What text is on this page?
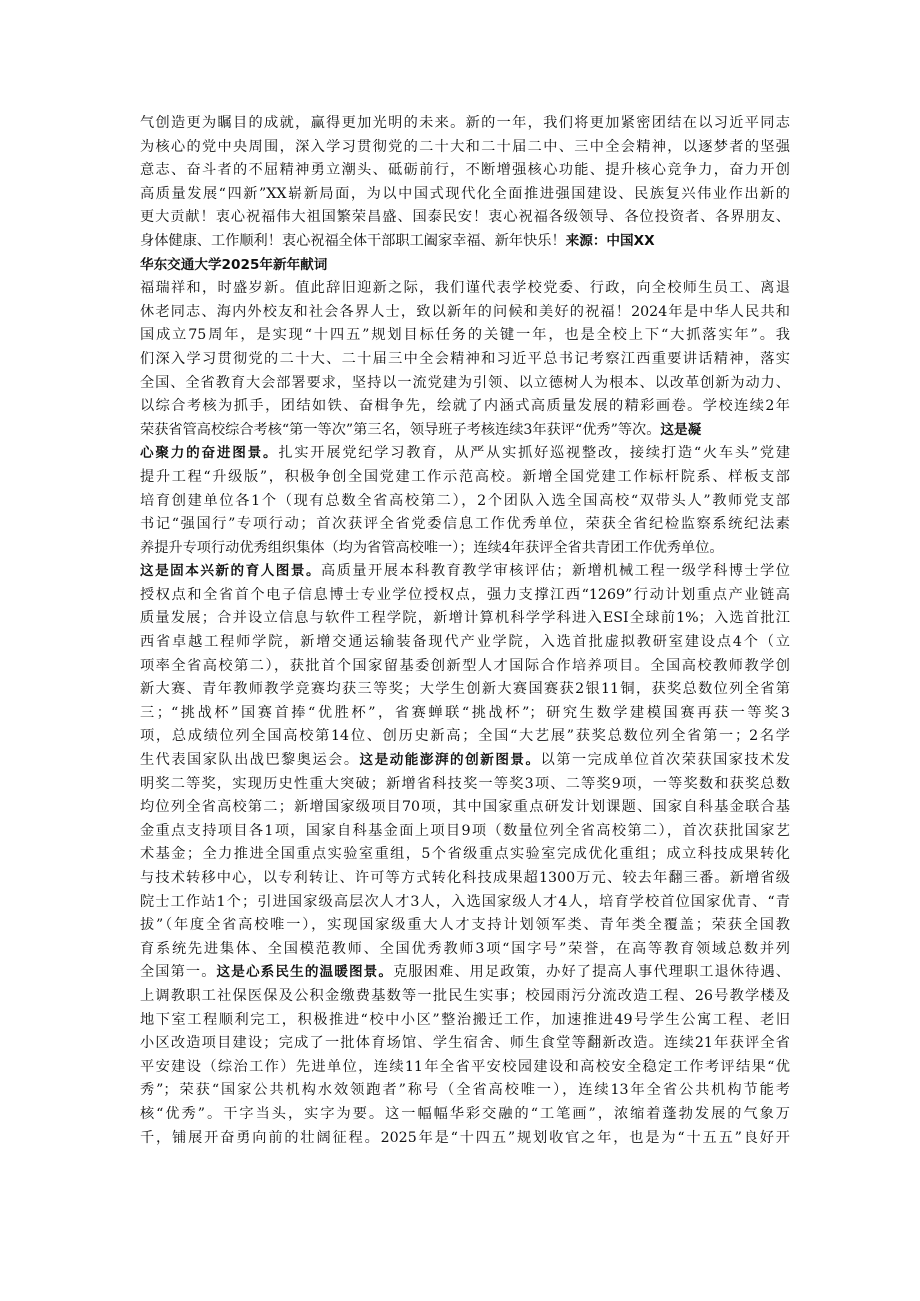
气创造更为瞩目的成就，赢得更加光明的未来。新的一年，我们将更加紧密团结在以习近平同志
为核心的党中央周围，深入学习贯彻党的二十大和二十届二中、三中全会精神，以逐梦者的坚强
意志、奋斗者的不屈精神勇立潮头、砥砺前行，不断增强核心功能、提升核心竞争力，奋力开创
高质量发展“四新”XX崭新局面，为以中国式现代化全面推进强国建设、民族复兴伟业作出新的
更大贡献！衷心祝福伟大祖国繁荣昌盛、国泰民安！衷心祝福各级领导、各位投资者、各界朋友、
身体健康、工作顺利！衷心祝福全体干部职工阖家幸福、新年快乐！来源：中国XX
华东交通大学2025年新年献词
福瑞祥和，时盛岁新。值此辞旧迎新之际，我们谨代表学校党委、行政，向全校师生员工、离退
休老同志、海内外校友和社会各界人士，致以新年的问候和美好的祝福！2024年是中华人民共和
国成立75周年，是实现“十四五”规划目标任务的关键一年，也是全校上下“大抓落实年”。我
们深入学习贯彻党的二十大、二十届三中全会精神和习近平总书记考察江西重要讲话精神，落实
全国、全省教育大会部署要求，坚持以一流党建为引领、以立德树人为根本、以改革创新为动力、
以综合考核为抓手，团结如铁、奋楫争先，绘就了内涵式高质量发展的精彩画卷。学校连续2年
荣获省管高校综合考核“第一等次”第三名，领导班子考核连续3年获评“优秀”等次。这是凝
心聚力的奋进图景。扎实开展党纪学习教育，从严从实抓好巡视整改，接续打造“火车头”党建
提升工程“升级版”，积极争创全国党建工作示范高校。新增全国党建工作标杆院系、样板支部
培育创建单位各1个（现有总数全省高校第二），2个团队入选全国高校“双带头人”教师党支部
书记“强国行”专项行动；首次获评全省党委信息工作优秀单位，荣获全省纪检监察系统纪法素
养提升专项行动优秀组织集体（均为省管高校唯一）；连续4年获评全省共青团工作优秀单位。
这是固本兴新的育人图景。高质量开展本科教育教学审核评估；新增机械工程一级学科博士学位
授权点和全省首个电子信息博士专业学位授权点，强力支撑江西“1269”行动计划重点产业链高
质量发展；合并设立信息与软件工程学院，新增计算机科学学科进入ESI全球前1%；入选首批江
西省卓越工程师学院，新增交通运输装备现代产业学院，入选首批虚拟教研室建设点4个（立
项率全省高校第二），获批首个国家留基委创新型人才国际合作培养项目。全国高校教师教学创
新大赛、青年教师教学竞赛均获三等奖；大学生创新大赛国赛获2银11铜，获奖总数位列全省第
三；“挑战杯”国赛首捧“优胜杯”，省赛蝉联“挑战杯”；研究生数学建模国赛再获一等奖3
项，总成绩位列全国高校第14位、创历史新高；全国“大艺展”获奖总数位列全省第一；2名学
生代表国家队出战巴黎奥运会。这是动能澎湃的创新图景。以第一完成单位首次荣获国家技术发
明奖二等奖，实现历史性重大突破；新增省科技奖一等奖3项、二等奖9项，一等奖数和获奖总数
均位列全省高校第二；新增国家级项目70项，其中国家重点研发计划课题、国家自科基金联合基
金重点支持项目各1项，国家自科基金面上项目9项（数量位列全省高校第二），首次获批国家艺
术基金；全力推进全国重点实验室重组，5个省级重点实验室完成优化重组；成立科技成果转化
与技术转移中心，以专利转让、许可等方式转化科技成果超1300万元、较去年翻三番。新增省级
院士工作站1个；引进国家级高层次人才3人，入选国家级人才4人，培育学校首位国家优青、“青
拔”（年度全省高校唯一），实现国家级重大人才支持计划领军类、青年类全覆盖；荣获全国教
育系统先进集体、全国模范教师、全国优秀教师3项“国字号”荣誉，在高等教育领域总数并列
全国第一。这是心系民生的温暖图景。克服困难、用足政策，办好了提高人事代理职工退休待遇、
上调教职工社保医保及公积金缴费基数等一批民生实事；校园雨污分流改造工程、26号教学楼及
地下室工程顺利完工，积极推进“校中小区”整治搬迁工作，加速推进49号学生公寓工程、老旧
小区改造项目建设；完成了一批体育场馆、学生宿舍、师生食堂等翻新改造。连续21年获评全省
平安建设（综治工作）先进单位，连续11年全省平安校园建设和高校安全稳定工作考评结果“优
秀”；荣获“国家公共机构水效领跑者”称号（全省高校唯一），连续13年全省公共机构节能考
核“优秀”。干字当头，实字为要。这一幅幅华彩交融的“工笔画”，浓缩着蓬勃发展的气象万
千，铺展开奋勇向前的壮阔征程。2025年是“十四五”规划收官之年，也是为“十五五”良好开
